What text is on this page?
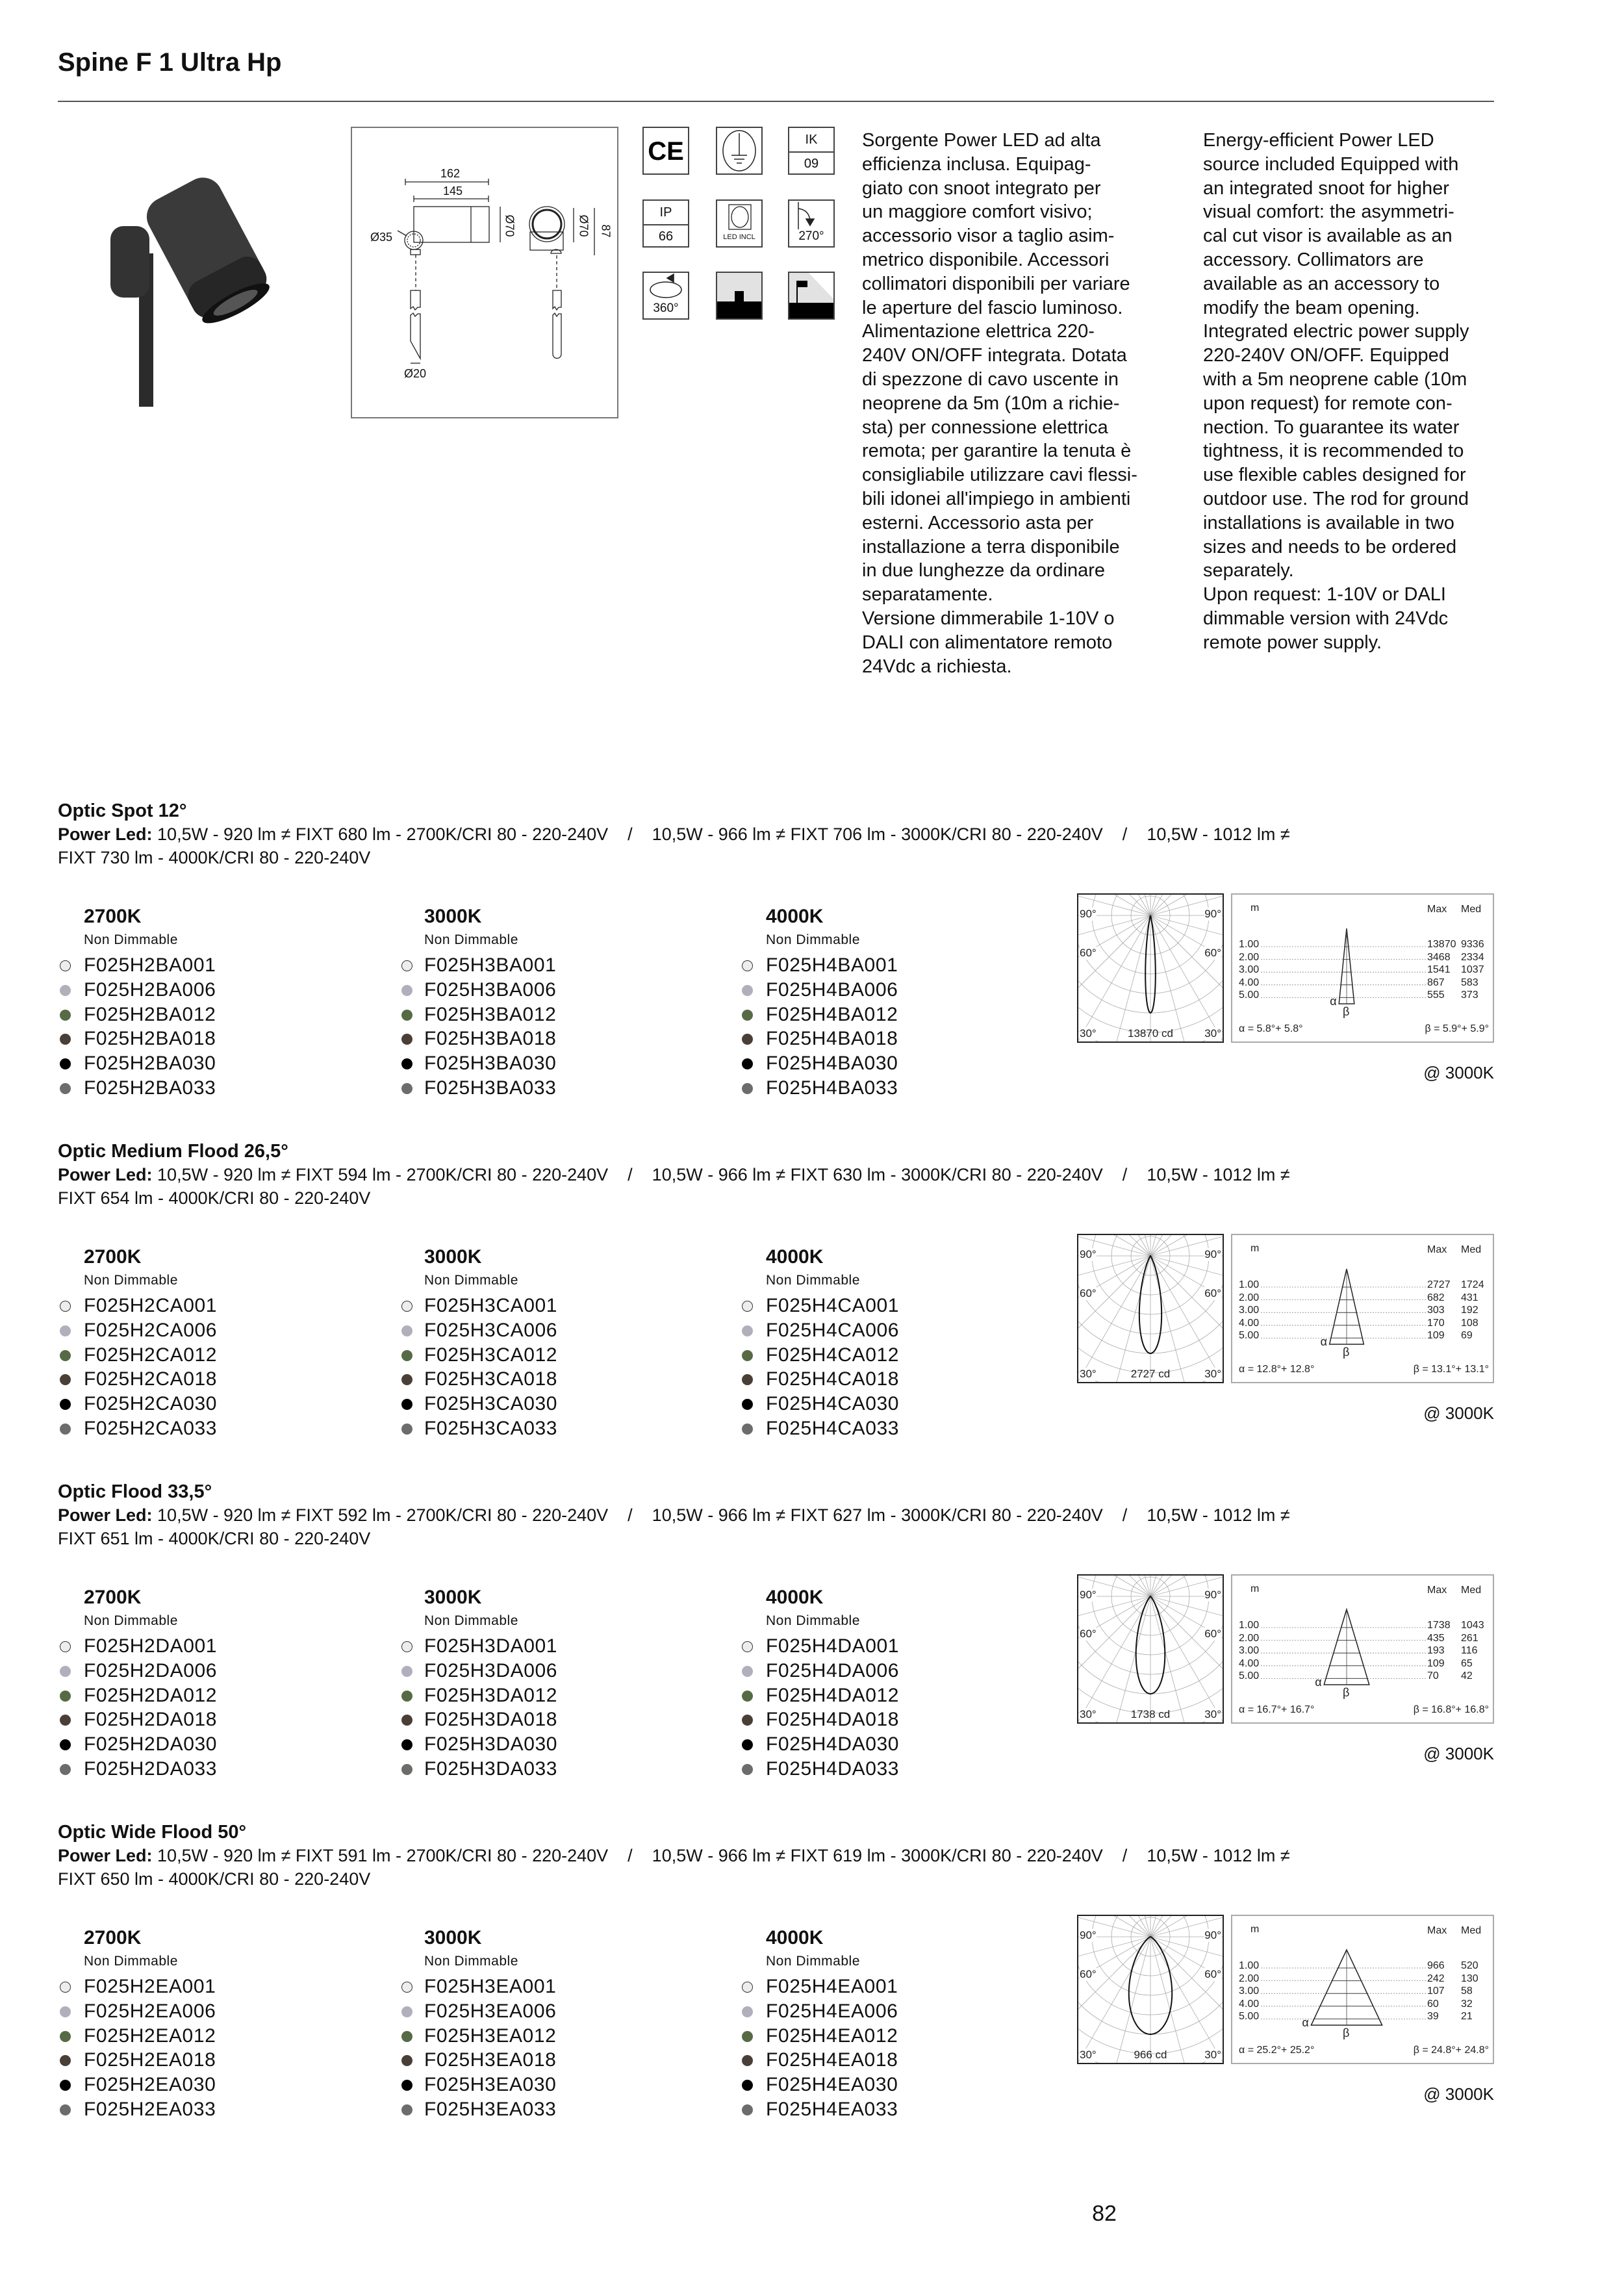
Spine F 1 Ultra Hp
162
145
Ø35
Ø70	Ø70 87
Ø20
CE	IK
09
IP
66	LED INCL	270°
360°
Sorgente Power LED ad alta
efficienza inclusa. Equipag-
giato con snoot integrato per
un maggiore comfort visivo;
accessorio visor a taglio asim-
metrico disponibile. Accessori
collimatori disponibili per variare
le aperture del fascio luminoso.
Alimentazione elettrica 220-
240V ON/OFF integrata. Dotata
di spezzone di cavo uscente in
neoprene da 5m (10m a richie-
sta) per connessione elettrica
remota; per garantire la tenuta è
consigliabile utilizzare cavi flessi-
bili idonei all'impiego in ambienti
esterni. Accessorio asta per
installazione a terra disponibile
in due lunghezze da ordinare
separatamente.
Versione dimmerabile 1-10V o
DALI con alimentatore remoto
24Vdc a richiesta.
Energy-efficient Power LED
source included Equipped with
an integrated snoot for higher
visual comfort: the asymmetri-
cal cut visor is available as an
accessory. Collimators are
available as an accessory to
modify the beam opening.
Integrated electric power supply
220-240V ON/OFF. Equipped
with a 5m neoprene cable (10m
upon request) for remote con-
nection. To guarantee its water
tightness, it is recommended to
use flexible cables designed for
outdoor use. The rod for ground
installations is available in two
sizes and needs to be ordered
separately.
Upon request: 1-10V or DALI
dimmable version with 24Vdc
remote power supply.
Optic Spot 12°
Power Led: 10,5W - 920 lm ≠ FIXT 680 lm - 2700K/CRI 80 - 220-240V    /    10,5W - 966 lm ≠ FIXT 706 lm - 3000K/CRI 80 - 220-240V    /    10,5W - 1012 lm ≠
FIXT 730 lm - 4000K/CRI 80 - 220-240V
2700K
Non Dimmable
F025H2BA001
F025H2BA006
F025H2BA012
F025H2BA018
F025H2BA030
F025H2BA033
3000K
Non Dimmable
F025H3BA001
F025H3BA006
F025H3BA012
F025H3BA018
F025H3BA030
F025H3BA033
4000K
Non Dimmable
F025H4BA001
F025H4BA006
F025H4BA012
F025H4BA018
F025H4BA030
F025H4BA033
90°	90°
60°	60°
30°	30°
13870 cd
m	Max Med
1.00	13870 9336
2.00	3468 2334
3.00	1541 1037
4.00	867 583
5.00	555 373
α
β
α = 5.8°+ 5.8°	β = 5.9°+ 5.9°
@ 3000K
Optic Medium Flood 26,5°
Power Led: 10,5W - 920 lm ≠ FIXT 594 lm - 2700K/CRI 80 - 220-240V    /    10,5W - 966 lm ≠ FIXT 630 lm - 3000K/CRI 80 - 220-240V    /    10,5W - 1012 lm ≠
FIXT 654 lm - 4000K/CRI 80 - 220-240V
2700K
Non Dimmable
F025H2CA001
F025H2CA006
F025H2CA012
F025H2CA018
F025H2CA030
F025H2CA033
3000K
Non Dimmable
F025H3CA001
F025H3CA006
F025H3CA012
F025H3CA018
F025H3CA030
F025H3CA033
4000K
Non Dimmable
F025H4CA001
F025H4CA006
F025H4CA012
F025H4CA018
F025H4CA030
F025H4CA033
90°	90°
60°	60°
30°	30°
2727 cd
m	Max Med
1.00	2727 1724
2.00	682 431
3.00	303 192
4.00	170 108
5.00	109 69
α
β
α = 12.8°+ 12.8°	β = 13.1°+ 13.1°
@ 3000K
Optic Flood 33,5°
Power Led: 10,5W - 920 lm ≠ FIXT 592 lm - 2700K/CRI 80 - 220-240V    /    10,5W - 966 lm ≠ FIXT 627 lm - 3000K/CRI 80 - 220-240V    /    10,5W - 1012 lm ≠
FIXT 651 lm - 4000K/CRI 80 - 220-240V
2700K
Non Dimmable
F025H2DA001
F025H2DA006
F025H2DA012
F025H2DA018
F025H2DA030
F025H2DA033
3000K
Non Dimmable
F025H3DA001
F025H3DA006
F025H3DA012
F025H3DA018
F025H3DA030
F025H3DA033
4000K
Non Dimmable
F025H4DA001
F025H4DA006
F025H4DA012
F025H4DA018
F025H4DA030
F025H4DA033
90°	90°
60°	60°
30°	30°
1738 cd
m	Max Med
1.00	1738 1043
2.00	435 261
3.00	193 116
4.00	109 65
5.00	70 42
α
β
α = 16.7°+ 16.7°	β = 16.8°+ 16.8°
@ 3000K
Optic Wide Flood 50°
Power Led: 10,5W - 920 lm ≠ FIXT 591 lm - 2700K/CRI 80 - 220-240V    /    10,5W - 966 lm ≠ FIXT 619 lm - 3000K/CRI 80 - 220-240V    /    10,5W - 1012 lm ≠
FIXT 650 lm - 4000K/CRI 80 - 220-240V
2700K
Non Dimmable
F025H2EA001
F025H2EA006
F025H2EA012
F025H2EA018
F025H2EA030
F025H2EA033
3000K
Non Dimmable
F025H3EA001
F025H3EA006
F025H3EA012
F025H3EA018
F025H3EA030
F025H3EA033
4000K
Non Dimmable
F025H4EA001
F025H4EA006
F025H4EA012
F025H4EA018
F025H4EA030
F025H4EA033
90°	90°
60°	60°
30°	30°
966 cd
m	Max Med
1.00	966 520
2.00	242 130
3.00	107 58
4.00	60 32
5.00	39 21
α
β
α = 25.2°+ 25.2°	β = 24.8°+ 24.8°
@ 3000K
82
